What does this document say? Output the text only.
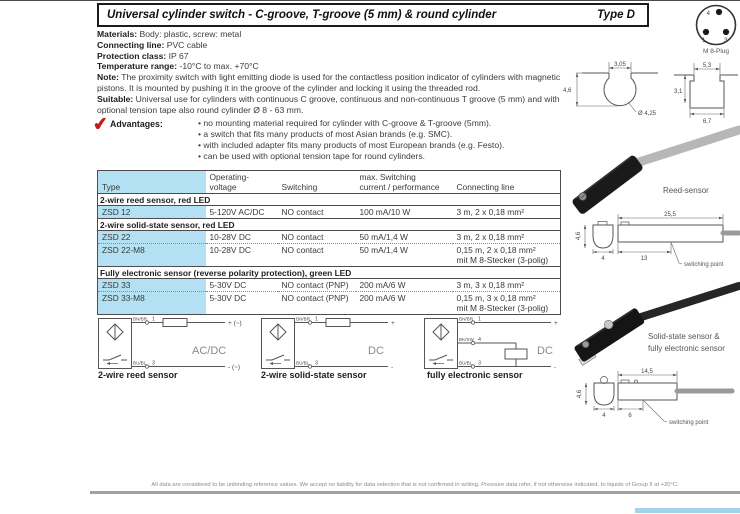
Universal cylinder switch - C-groove, T-groove (5 mm) & round cylinder	Type D
Materials: Body: plastic, screw: metal
Connecting line: PVC cable
Protection class: IP 67
Temperature range: -10°C to max. +70°C
Note: The proximity switch with light emitting diode is used for the contactless position indicator of cylinders with magnetic pistons. It is mounted by pushing it in the groove of the cylinder and locking it using the threaded rod.
Suitable: Universal use for cylinders with continuous C groove, continuous and non-continuous T groove (5 mm) and with optional tension tape also round cylinder Ø 8 - 63 mm.
✔ Advantages:	• no mounting material required for cylinder with C-groove & T-groove (5mm).
• a switch that fits many products of most Asian brands (e.g. SMC).
• with included adapter fits many products of most European brands (e.g. Festo).
• can be used with optional tension tape for round cylinders.
Type	
Operating-
voltage	Switching	
max. Switching
current / performance	Connecting line
2-wire reed sensor, red LED				
ZSD 12	5-120V AC/DC	NO contact	100 mA/10 W	3 m, 2 x 0,18 mm²
2-wire solid-state sensor, red LED				
ZSD 22	10-28V DC	NO contact	50 mA/1,4 W	3 m, 2 x 0,18 mm²
ZSD 22-M8	10-28V DC	NO contact	50 mA/1,4 W	0,15 m, 2 x 0,18 mm²
mit M 8-Stecker (3-polig)

Fully electronic sensor (reverse polarity protection), green LED				
ZSD 33	5-30V DC	NO contact (PNP)	200 mA/6 W	3 m, 3 x 0,18 mm²
ZSD 33-M8	5-30V DC	NO contact (PNP)	200 mA/6 W	0,15 m, 3 x 0,18 mm²
mit M 8-Stecker (3-polig)
BN/BR 1
+ (~)
BU/BL 3
- (~)
AC/DC
2-wire reed sensor
BN/BR 1
+
BU/BL 3
-
DC
2-wire solid-state sensor
BN/BR 1
+
BK/SW 4
BU/BL 3
-
DC
fully electronic sensor
4
1	3
M 8-Plug
3,05
4,6
Ø 4,25
5,3
3,1
6,7
Reed-sensor
25,5
4,6
4	13
switching point
Solid-state sensor &
fully electronic sensor
14,5
4,6
4	6
switching point
All data are considered to be unbinding reference values. We accept no liability for data selection that is not confirmed in writing. Pressure data refer, if not otherwise indicated, to liquids of Group II at +20°C.
